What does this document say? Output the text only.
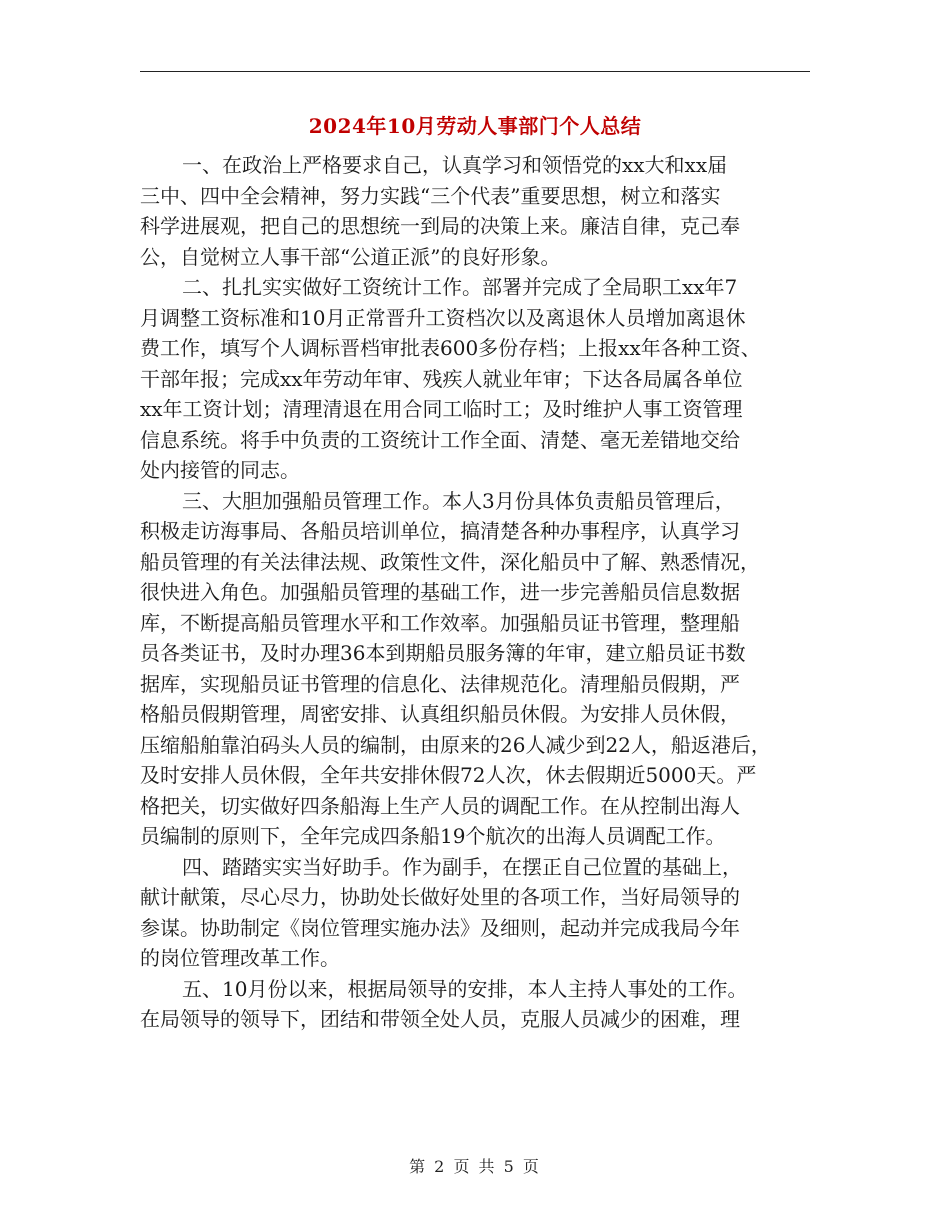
2024年10月劳动人事部门个人总结
一、在政治上严格要求自己，认真学习和领悟党的xx大和xx届
三中、四中全会精神，努力实践“三个代表”重要思想，树立和落实
科学进展观，把自己的思想统一到局的决策上来。廉洁自律，克己奉
公，自觉树立人事干部“公道正派”的良好形象。
二、扎扎实实做好工资统计工作。部署并完成了全局职工xx年7
月调整工资标准和10月正常晋升工资档次以及离退休人员增加离退休
费工作，填写个人调标晋档审批表600多份存档；上报xx年各种工资、
干部年报；完成xx年劳动年审、残疾人就业年审；下达各局属各单位
xx年工资计划；清理清退在用合同工临时工；及时维护人事工资管理
信息系统。将手中负责的工资统计工作全面、清楚、毫无差错地交给
处内接管的同志。
三、大胆加强船员管理工作。本人3月份具体负责船员管理后，
积极走访海事局、各船员培训单位，搞清楚各种办事程序，认真学习
船员管理的有关法律法规、政策性文件，深化船员中了解、熟悉情况，
很快进入角色。加强船员管理的基础工作，进一步完善船员信息数据
库，不断提高船员管理水平和工作效率。加强船员证书管理，整理船
员各类证书，及时办理36本到期船员服务簿的年审，建立船员证书数
据库，实现船员证书管理的信息化、法律规范化。清理船员假期，严
格船员假期管理，周密安排、认真组织船员休假。为安排人员休假，
压缩船舶靠泊码头人员的编制，由原来的26人减少到22人，船返港后，
及时安排人员休假，全年共安排休假72人次，休去假期近5000天。严
格把关，切实做好四条船海上生产人员的调配工作。在从控制出海人
员编制的原则下，全年完成四条船19个航次的出海人员调配工作。
四、踏踏实实当好助手。作为副手，在摆正自己位置的基础上，
献计献策，尽心尽力，协助处长做好处里的各项工作，当好局领导的
参谋。协助制定《岗位管理实施办法》及细则，起动并完成我局今年
的岗位管理改革工作。
五、10月份以来，根据局领导的安排，本人主持人事处的工作。
在局领导的领导下，团结和带领全处人员，克服人员减少的困难，理
第 2 页 共 5 页
